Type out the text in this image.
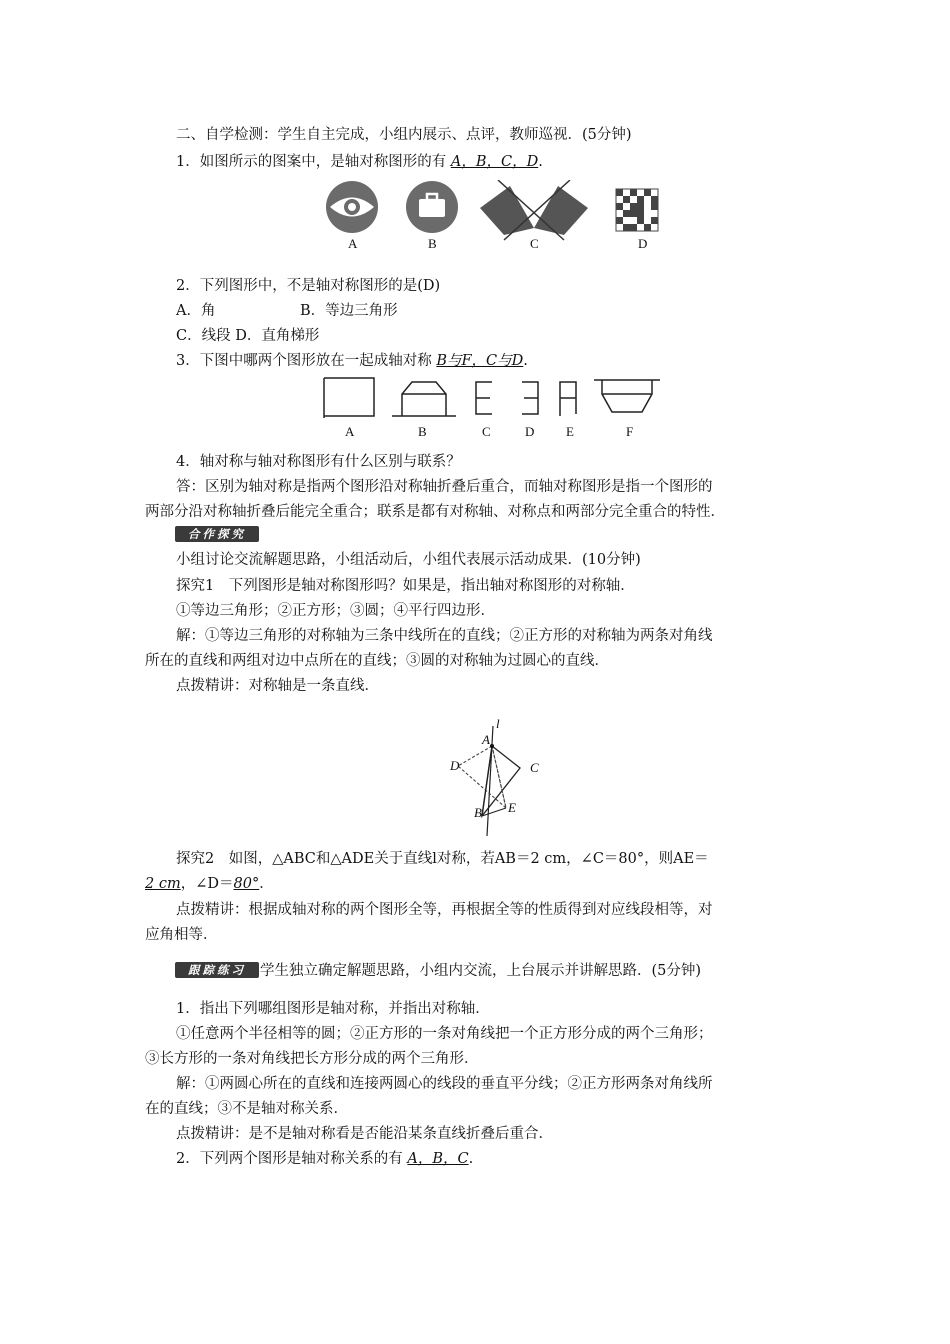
二、自学检测：学生自主完成，小组内展示、点评，教师巡视．(5分钟)
1．如图所示的图案中，是轴对称图形的有 A，B，C，D.
A	B	C	D
2．下列图形中，不是轴对称图形的是(D)
A．角	B．等边三角形
C．线段 D．直角梯形
3．下图中哪两个图形放在一起成轴对称 B与F，C与D.
A	B	C	D E	F
4．轴对称与轴对称图形有什么区别与联系？
答：区别为轴对称是指两个图形沿对称轴折叠后重合，而轴对称图形是指一个图形的
两部分沿对称轴折叠后能完全重合；联系是都有对称轴、对称点和两部分完全重合的特性．
合作探究
小组讨论交流解题思路，小组活动后，小组代表展示活动成果．(10分钟)
探究1　下列图形是轴对称图形吗？如果是，指出轴对称图形的对称轴．
①等边三角形；②正方形；③圆；④平行四边形．
解：①等边三角形的对称轴为三条中线所在的直线；②正方形的对称轴为两条对角线
所在的直线和两组对边中点所在的直线；③圆的对称轴为过圆心的直线．
点拨精讲：对称轴是一条直线．
l
A
D	C
B E
探究2　如图，△ABC和△ADE关于直线l对称，若AB＝2 cm，∠C＝80°，则AE＝
2 cm，∠D＝80°．
点拨精讲：根据成轴对称的两个图形全等，再根据全等的性质得到对应线段相等，对
应角相等．
跟踪练习 学生独立确定解题思路，小组内交流，上台展示并讲解思路．(5分钟)
1．指出下列哪组图形是轴对称，并指出对称轴．
①任意两个半径相等的圆；②正方形的一条对角线把一个正方形分成的两个三角形；
③长方形的一条对角线把长方形分成的两个三角形．
解：①两圆心所在的直线和连接两圆心的线段的垂直平分线；②正方形两条对角线所
在的直线；③不是轴对称关系．
点拨精讲：是不是轴对称看是否能沿某条直线折叠后重合．
2．下列两个图形是轴对称关系的有 A，B，C.
